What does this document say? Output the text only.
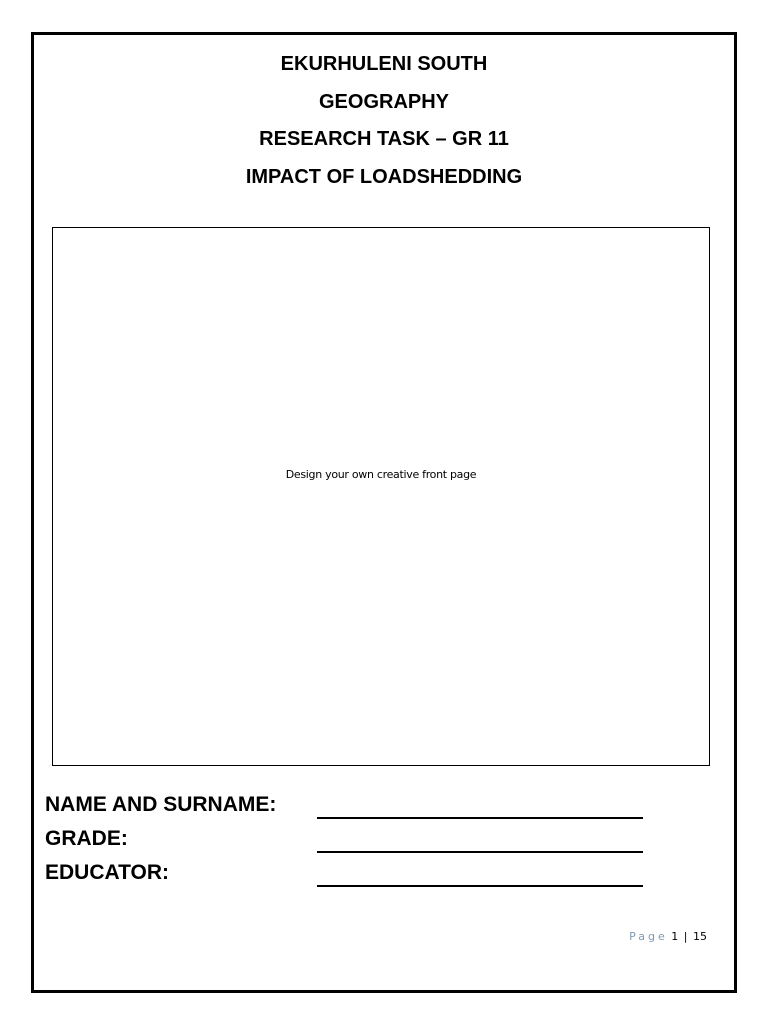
EKURHULENI SOUTH

GEOGRAPHY

RESEARCH TASK – GR 11

IMPACT OF LOADSHEDDING

Design your own creative front page
NAME AND SURNAME:
GRADE:
EDUCATOR:
Page 1 | 15
